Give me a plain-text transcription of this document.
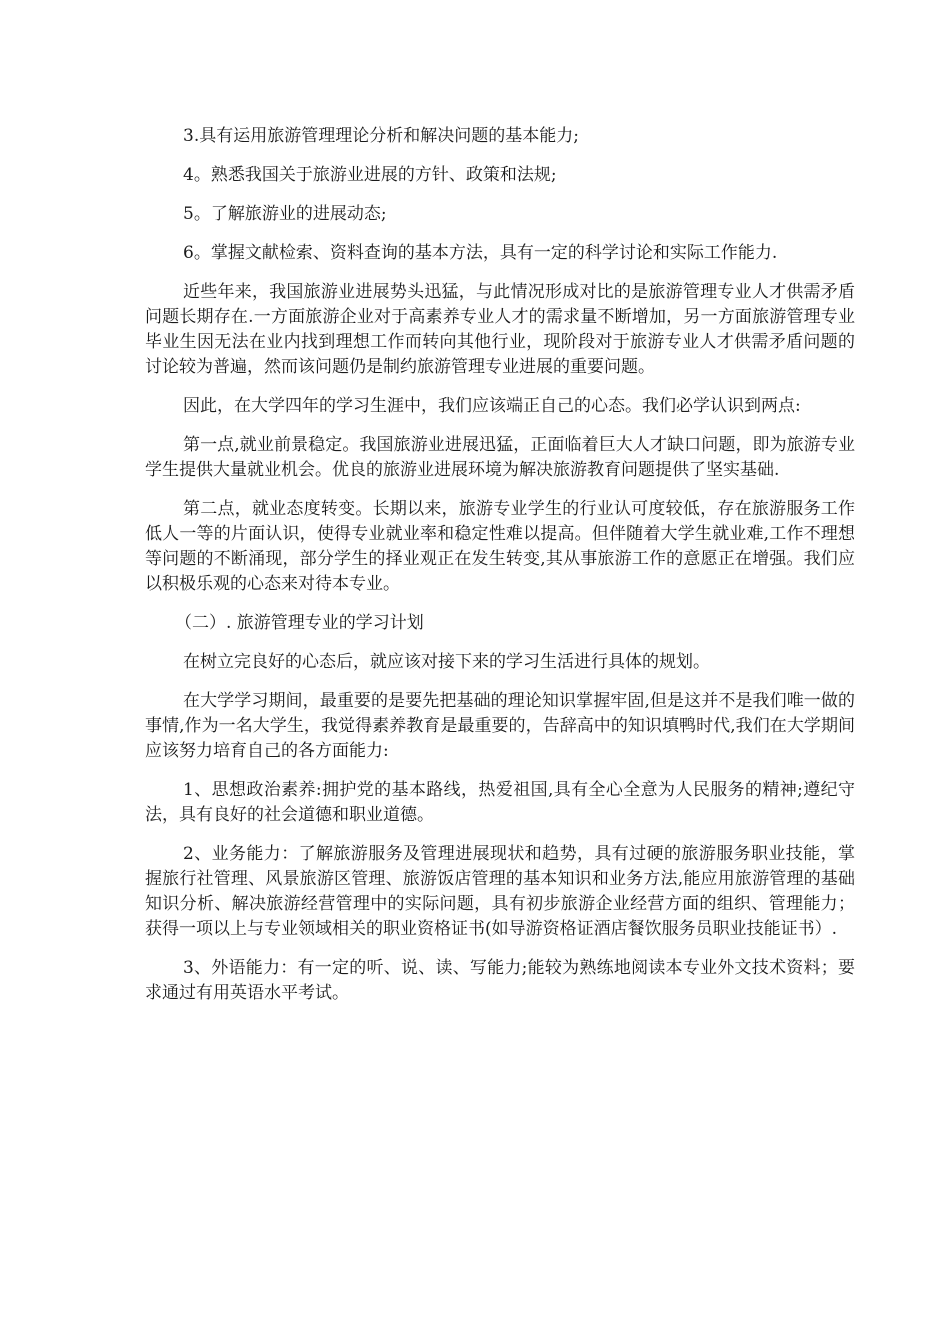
3.具有运用旅游管理理论分析和解决问题的基本能力;

4。熟悉我国关于旅游业进展的方针、政策和法规;

5。了解旅游业的进展动态;

6。掌握文献检索、资料查询的基本方法，具有一定的科学讨论和实际工作能力.

近些年来，我国旅游业进展势头迅猛，与此情况形成对比的是旅游管理专业人才供需矛盾问题长期存在.一方面旅游企业对于高素养专业人才的需求量不断增加，另一方面旅游管理专业毕业生因无法在业内找到理想工作而转向其他行业，现阶段对于旅游专业人才供需矛盾问题的讨论较为普遍，然而该问题仍是制约旅游管理专业进展的重要问题。

因此，在大学四年的学习生涯中，我们应该端正自己的心态。我们必学认识到两点:

第一点,就业前景稳定。我国旅游业进展迅猛，正面临着巨大人才缺口问题，即为旅游专业学生提供大量就业机会。优良的旅游业进展环境为解决旅游教育问题提供了坚实基础.

第二点，就业态度转变。长期以来，旅游专业学生的行业认可度较低，存在旅游服务工作低人一等的片面认识，使得专业就业率和稳定性难以提高。但伴随着大学生就业难,工作不理想等问题的不断涌现，部分学生的择业观正在发生转变,其从事旅游工作的意愿正在增强。我们应以积极乐观的心态来对待本专业。

（二）. 旅游管理专业的学习计划

在树立完良好的心态后，就应该对接下来的学习生活进行具体的规划。

在大学学习期间，最重要的是要先把基础的理论知识掌握牢固,但是这并不是我们唯一做的事情,作为一名大学生，我觉得素养教育是最重要的，告辞高中的知识填鸭时代,我们在大学期间应该努力培育自己的各方面能力:

1、思想政治素养:拥护党的基本路线，热爱祖国,具有全心全意为人民服务的精神;遵纪守法，具有良好的社会道德和职业道德。

2、业务能力：了解旅游服务及管理进展现状和趋势，具有过硬的旅游服务职业技能，掌握旅行社管理、风景旅游区管理、旅游饭店管理的基本知识和业务方法,能应用旅游管理的基础知识分析、解决旅游经营管理中的实际问题，具有初步旅游企业经营方面的组织、管理能力；获得一项以上与专业领域相关的职业资格证书(如导游资格证酒店餐饮服务员职业技能证书）.

3、外语能力：有一定的听、说、读、写能力;能较为熟练地阅读本专业外文技术资料；要求通过有用英语水平考试。
